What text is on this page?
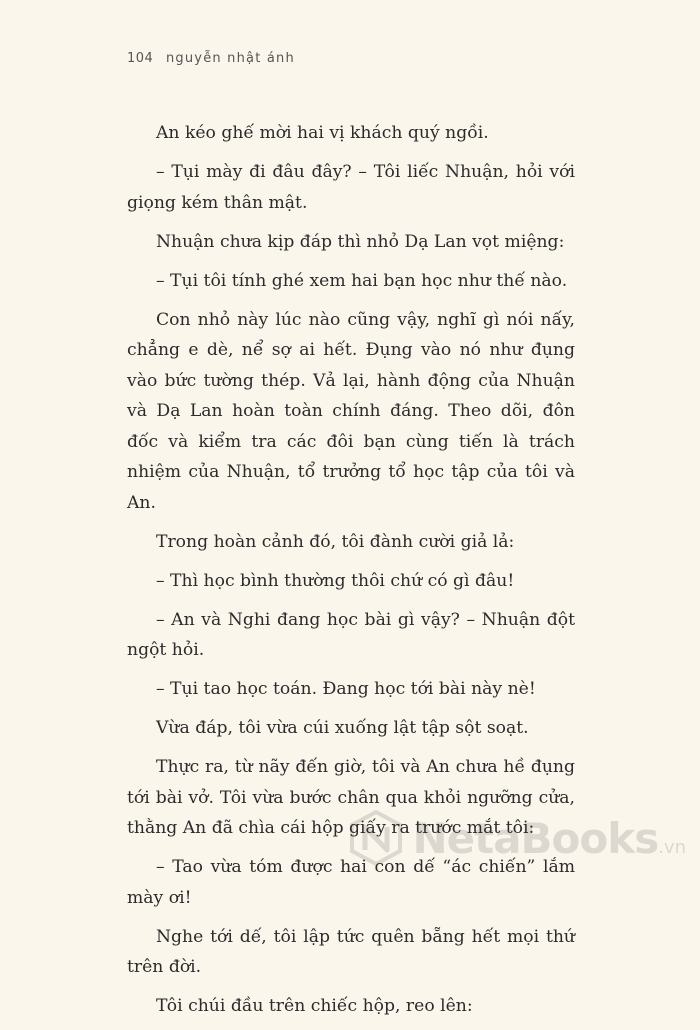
104 nguyễn nhật ánh

An kéo ghế mời hai vị khách quý ngồi.

– Tụi mày đi đâu đây? – Tôi liếc Nhuận, hỏi với giọng kém thân mật.

Nhuận chưa kịp đáp thì nhỏ Dạ Lan vọt miệng:

– Tụi tôi tính ghé xem hai bạn học như thế nào.

Con nhỏ này lúc nào cũng vậy, nghĩ gì nói nấy, chẳng e dè, nể sợ ai hết. Đụng vào nó như đụng vào bức tường thép. Vả lại, hành động của Nhuận và Dạ Lan hoàn toàn chính đáng. Theo dõi, đôn đốc và kiểm tra các đôi bạn cùng tiến là trách nhiệm của Nhuận, tổ trưởng tổ học tập của tôi và An.

Trong hoàn cảnh đó, tôi đành cười giả lả:

– Thì học bình thường thôi chứ có gì đâu!

– An và Nghi đang học bài gì vậy? – Nhuận đột ngột hỏi.

– Tụi tao học toán. Đang học tới bài này nè!

Vừa đáp, tôi vừa cúi xuống lật tập sột soạt.

Thực ra, từ nãy đến giờ, tôi và An chưa hề đụng tới bài vở. Tôi vừa bước chân qua khỏi ngưỡng cửa, thằng An đã chìa cái hộp giấy ra trước mắt tôi:

– Tao vừa tóm được hai con dế “ác chiến” lắm mày ơi!

Nghe tới dế, tôi lập tức quên bẵng hết mọi thứ trên đời.

Tôi chúi đầu trên chiếc hộp, reo lên:

NetaBooks.vn
